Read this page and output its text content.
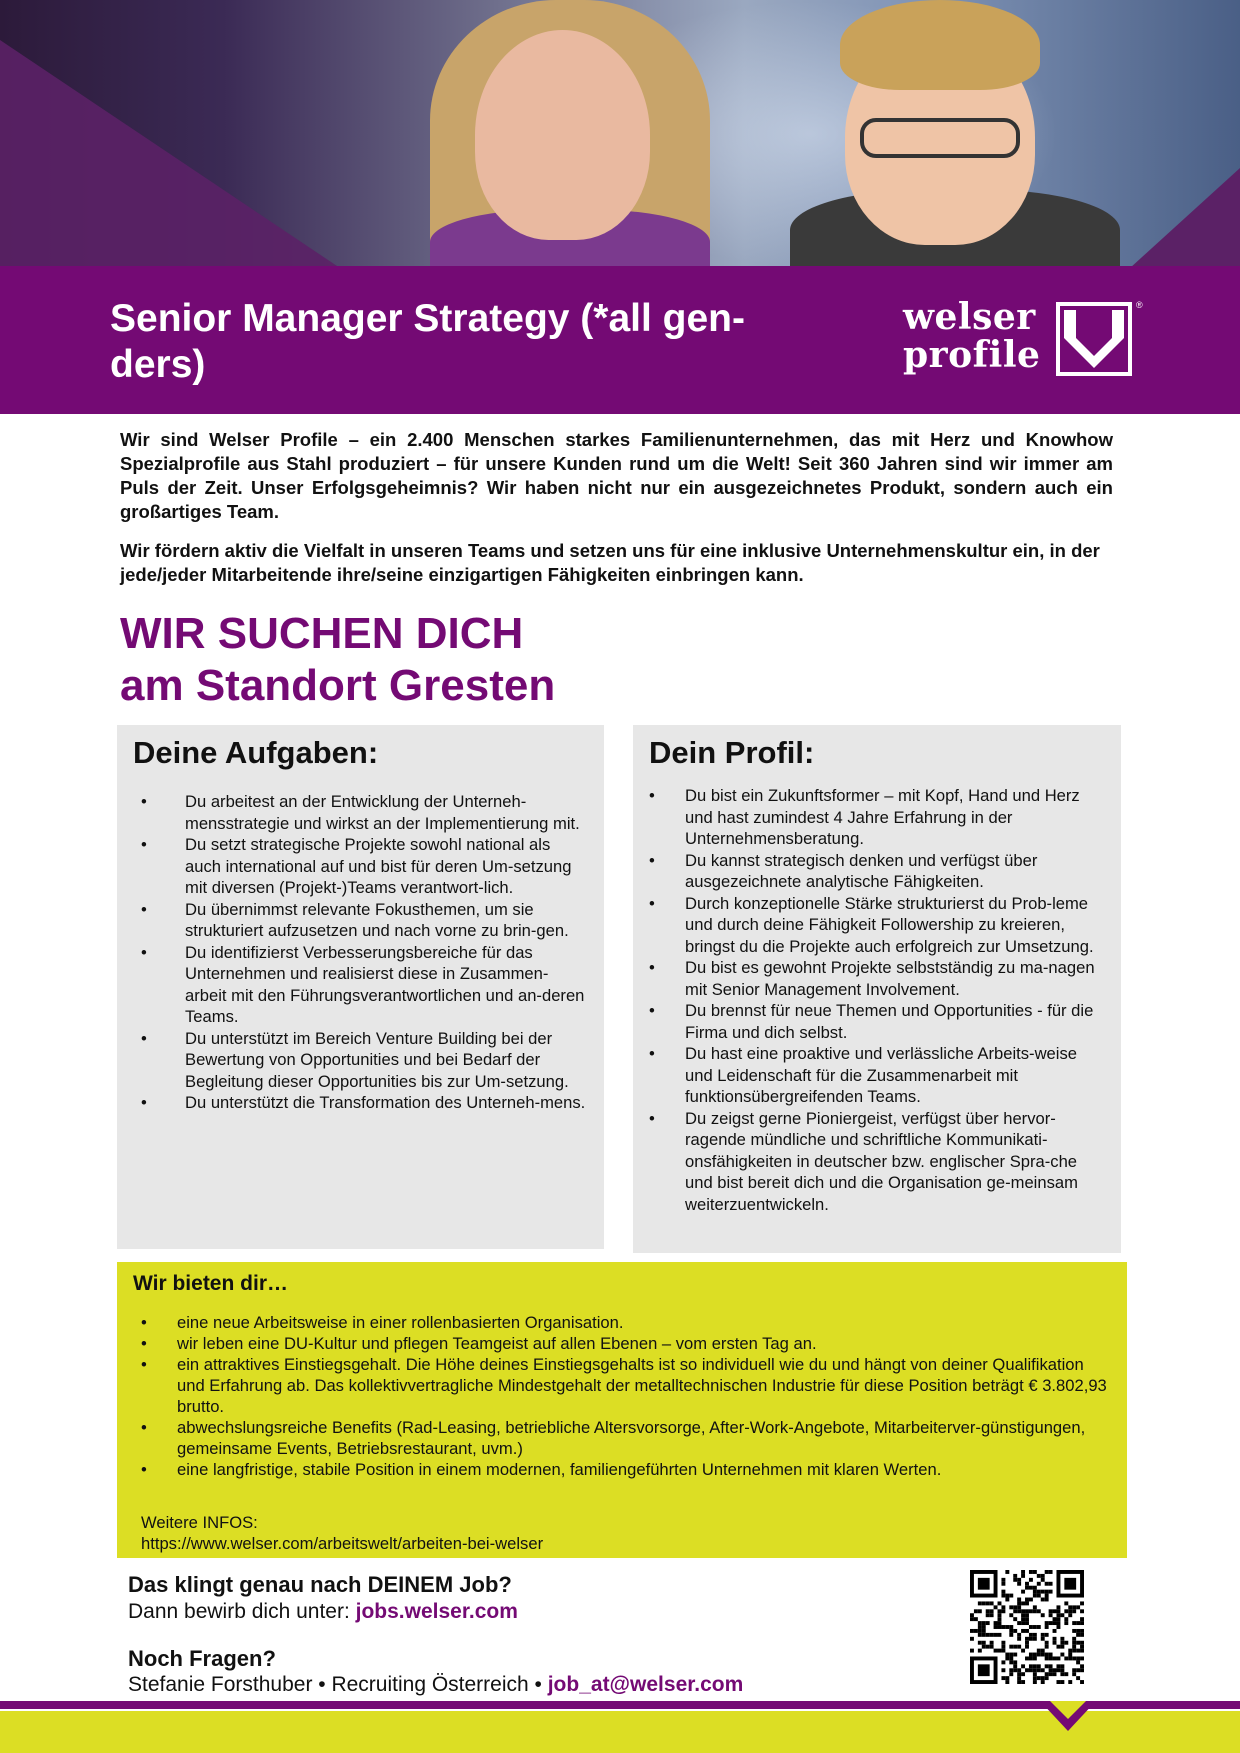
Senior Manager Strategy (*all gen-ders)

welser
profile

®

Wir sind Welser Profile – ein 2.400 Menschen starkes Familienunternehmen, das mit Herz und Knowhow Spezialprofile aus Stahl produziert – für unsere Kunden rund um die Welt! Seit 360 Jahren sind wir immer am Puls der Zeit. Unser Erfolgsgeheimnis? Wir haben nicht nur ein ausgezeichnetes Produkt, sondern auch ein großartiges Team.

Wir fördern aktiv die Vielfalt in unseren Teams und setzen uns für eine inklusive Unternehmenskultur ein, in der jede/jeder Mitarbeitende ihre/seine einzigartigen Fähigkeiten einbringen kann.

WIR SUCHEN DICH
am Standort Gresten
Deine Aufgaben:
• Du arbeitest an der Entwicklung der Unterneh-mensstrategie und wirkst an der Implementierung mit.
• Du setzt strategische Projekte sowohl national als auch international auf und bist für deren Um-setzung mit diversen (Projekt-)Teams verantwort-lich.
• Du übernimmst relevante Fokusthemen, um sie strukturiert aufzusetzen und nach vorne zu brin-gen.
• Du identifizierst Verbesserungsbereiche für das Unternehmen und realisierst diese in Zusammen-arbeit mit den Führungsverantwortlichen und an-deren Teams.
• Du unterstützt im Bereich Venture Building bei der Bewertung von Opportunities und bei Bedarf der Begleitung dieser Opportunities bis zur Um-setzung.
• Du unterstützt die Transformation des Unterneh-mens.
Dein Profil:
• Du bist ein Zukunftsformer – mit Kopf, Hand und Herz und hast zumindest 4 Jahre Erfahrung in der Unternehmensberatung.
• Du kannst strategisch denken und verfügst über ausgezeichnete analytische Fähigkeiten.
• Durch konzeptionelle Stärke strukturierst du Prob-leme und durch deine Fähigkeit Followership zu kreieren, bringst du die Projekte auch erfolgreich zur Umsetzung.
• Du bist es gewohnt Projekte selbstständig zu ma-nagen mit Senior Management Involvement.
• Du brennst für neue Themen und Opportunities - für die Firma und dich selbst.
• Du hast eine proaktive und verlässliche Arbeits-weise und Leidenschaft für die Zusammenarbeit mit funktionsübergreifenden Teams.
• Du zeigst gerne Pioniergeist, verfügst über hervor-ragende mündliche und schriftliche Kommunikati-onsfähigkeiten in deutscher bzw. englischer Spra-che und bist bereit dich und die Organisation ge-meinsam weiterzuentwickeln.
Wir bieten dir…
• eine neue Arbeitsweise in einer rollenbasierten Organisation.
• wir leben eine DU-Kultur und pflegen Teamgeist auf allen Ebenen – vom ersten Tag an.
• ein attraktives Einstiegsgehalt. Die Höhe deines Einstiegsgehalts ist so individuell wie du und hängt von deiner Qualifikation und Erfahrung ab. Das kollektivvertragliche Mindestgehalt der metalltechnischen Industrie für diese Position beträgt € 3.802,93 brutto.
• abwechslungsreiche Benefits (Rad-Leasing, betriebliche Altersvorsorge, After-Work-Angebote, Mitarbeiterver-günstigungen, gemeinsame Events, Betriebsrestaurant, uvm.)
• eine langfristige, stabile Position in einem modernen, familiengeführten Unternehmen mit klaren Werten.

Weitere INFOS:

https://www.welser.com/arbeitswelt/arbeiten-bei-welser

Das klingt genau nach DEINEM Job?

Dann bewirb dich unter: jobs.welser.com

Noch Fragen?

Stefanie Forsthuber • Recruiting Österreich • job_at@welser.com
